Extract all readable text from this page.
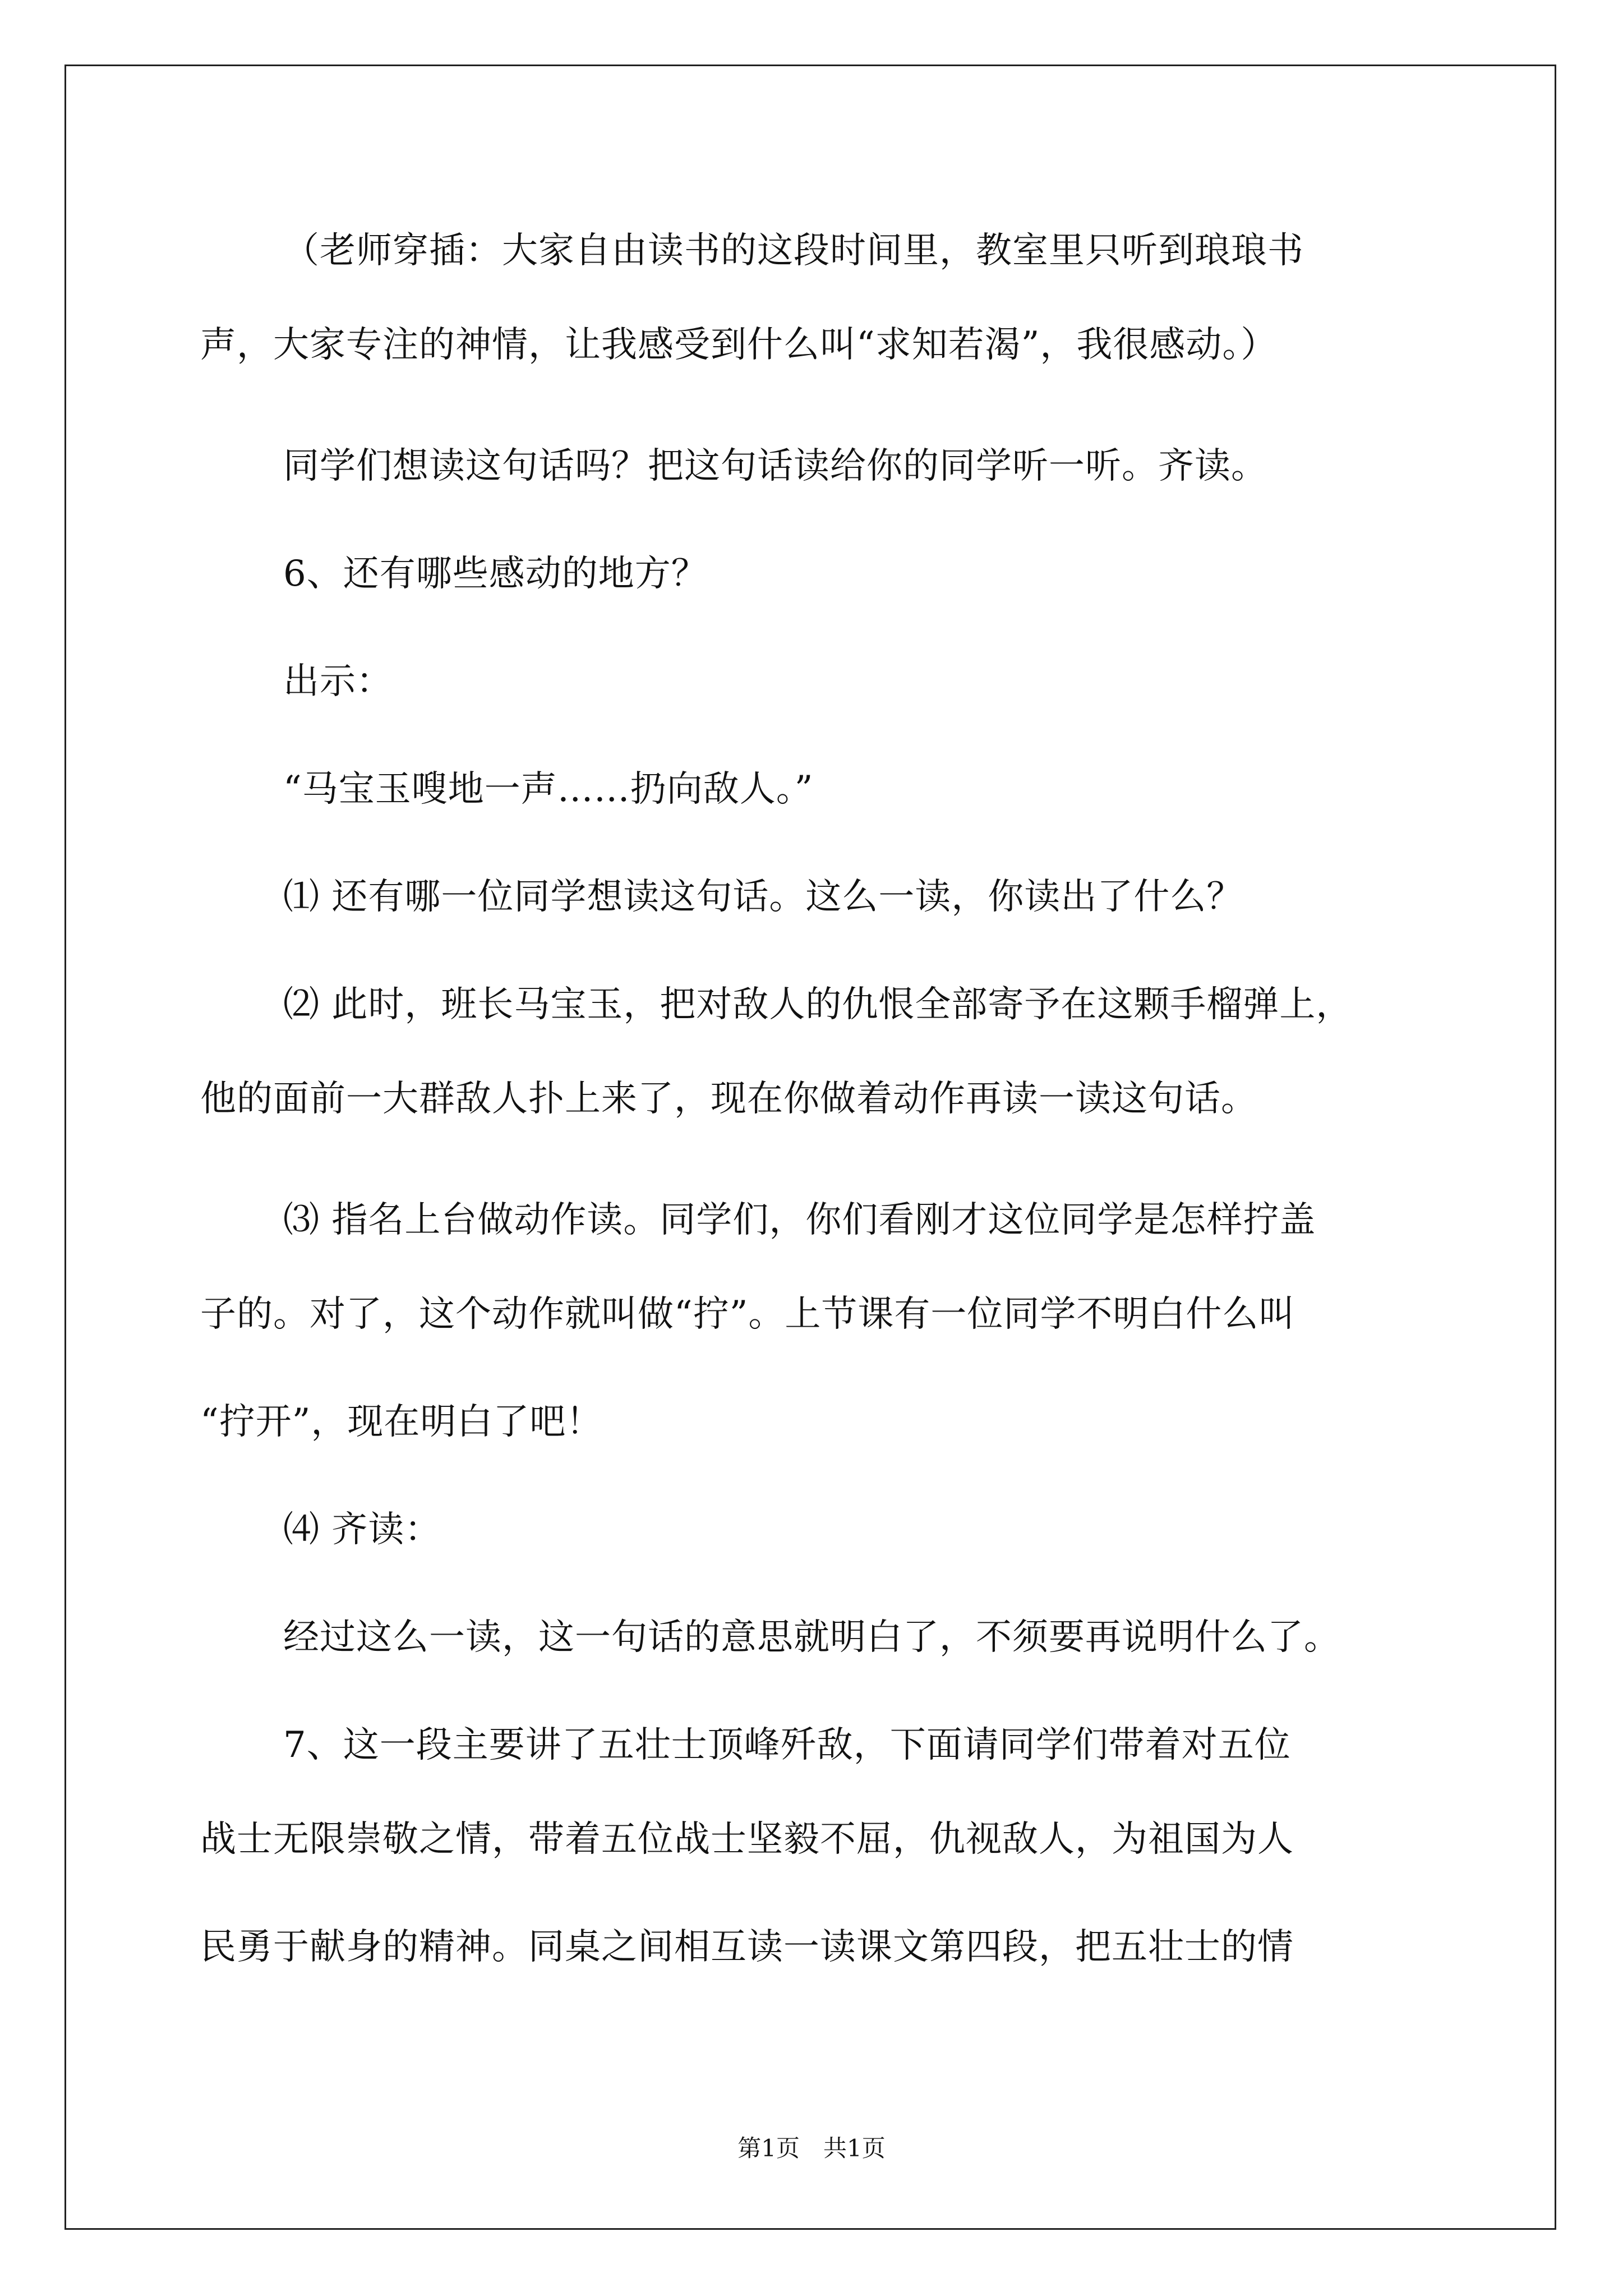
（老师穿插：大家自由读书的这段时间里，教室里只听到琅琅书

声，大家专注的神情，让我感受到什么叫“求知若渴”，我很感动。）

同学们想读这句话吗？把这句话读给你的同学听一听。齐读。

6、还有哪些感动的地方？

出示：

“马宝玉嗖地一声……扔向敌人。”

⑴ 还有哪一位同学想读这句话。这么一读，你读出了什么？

⑵ 此时，班长马宝玉，把对敌人的仇恨全部寄予在这颗手榴弹上，

他的面前一大群敌人扑上来了，现在你做着动作再读一读这句话。

⑶ 指名上台做动作读。同学们，你们看刚才这位同学是怎样拧盖

子的。对了，这个动作就叫做“拧”。上节课有一位同学不明白什么叫

“拧开”，现在明白了吧！

⑷ 齐读：

经过这么一读，这一句话的意思就明白了，不须要再说明什么了。

7、这一段主要讲了五壮士顶峰歼敌，下面请同学们带着对五位

战士无限崇敬之情，带着五位战士坚毅不屈，仇视敌人，为祖国为人

民勇于献身的精神。同桌之间相互读一读课文第四段，把五壮士的情

第1页　共1页
